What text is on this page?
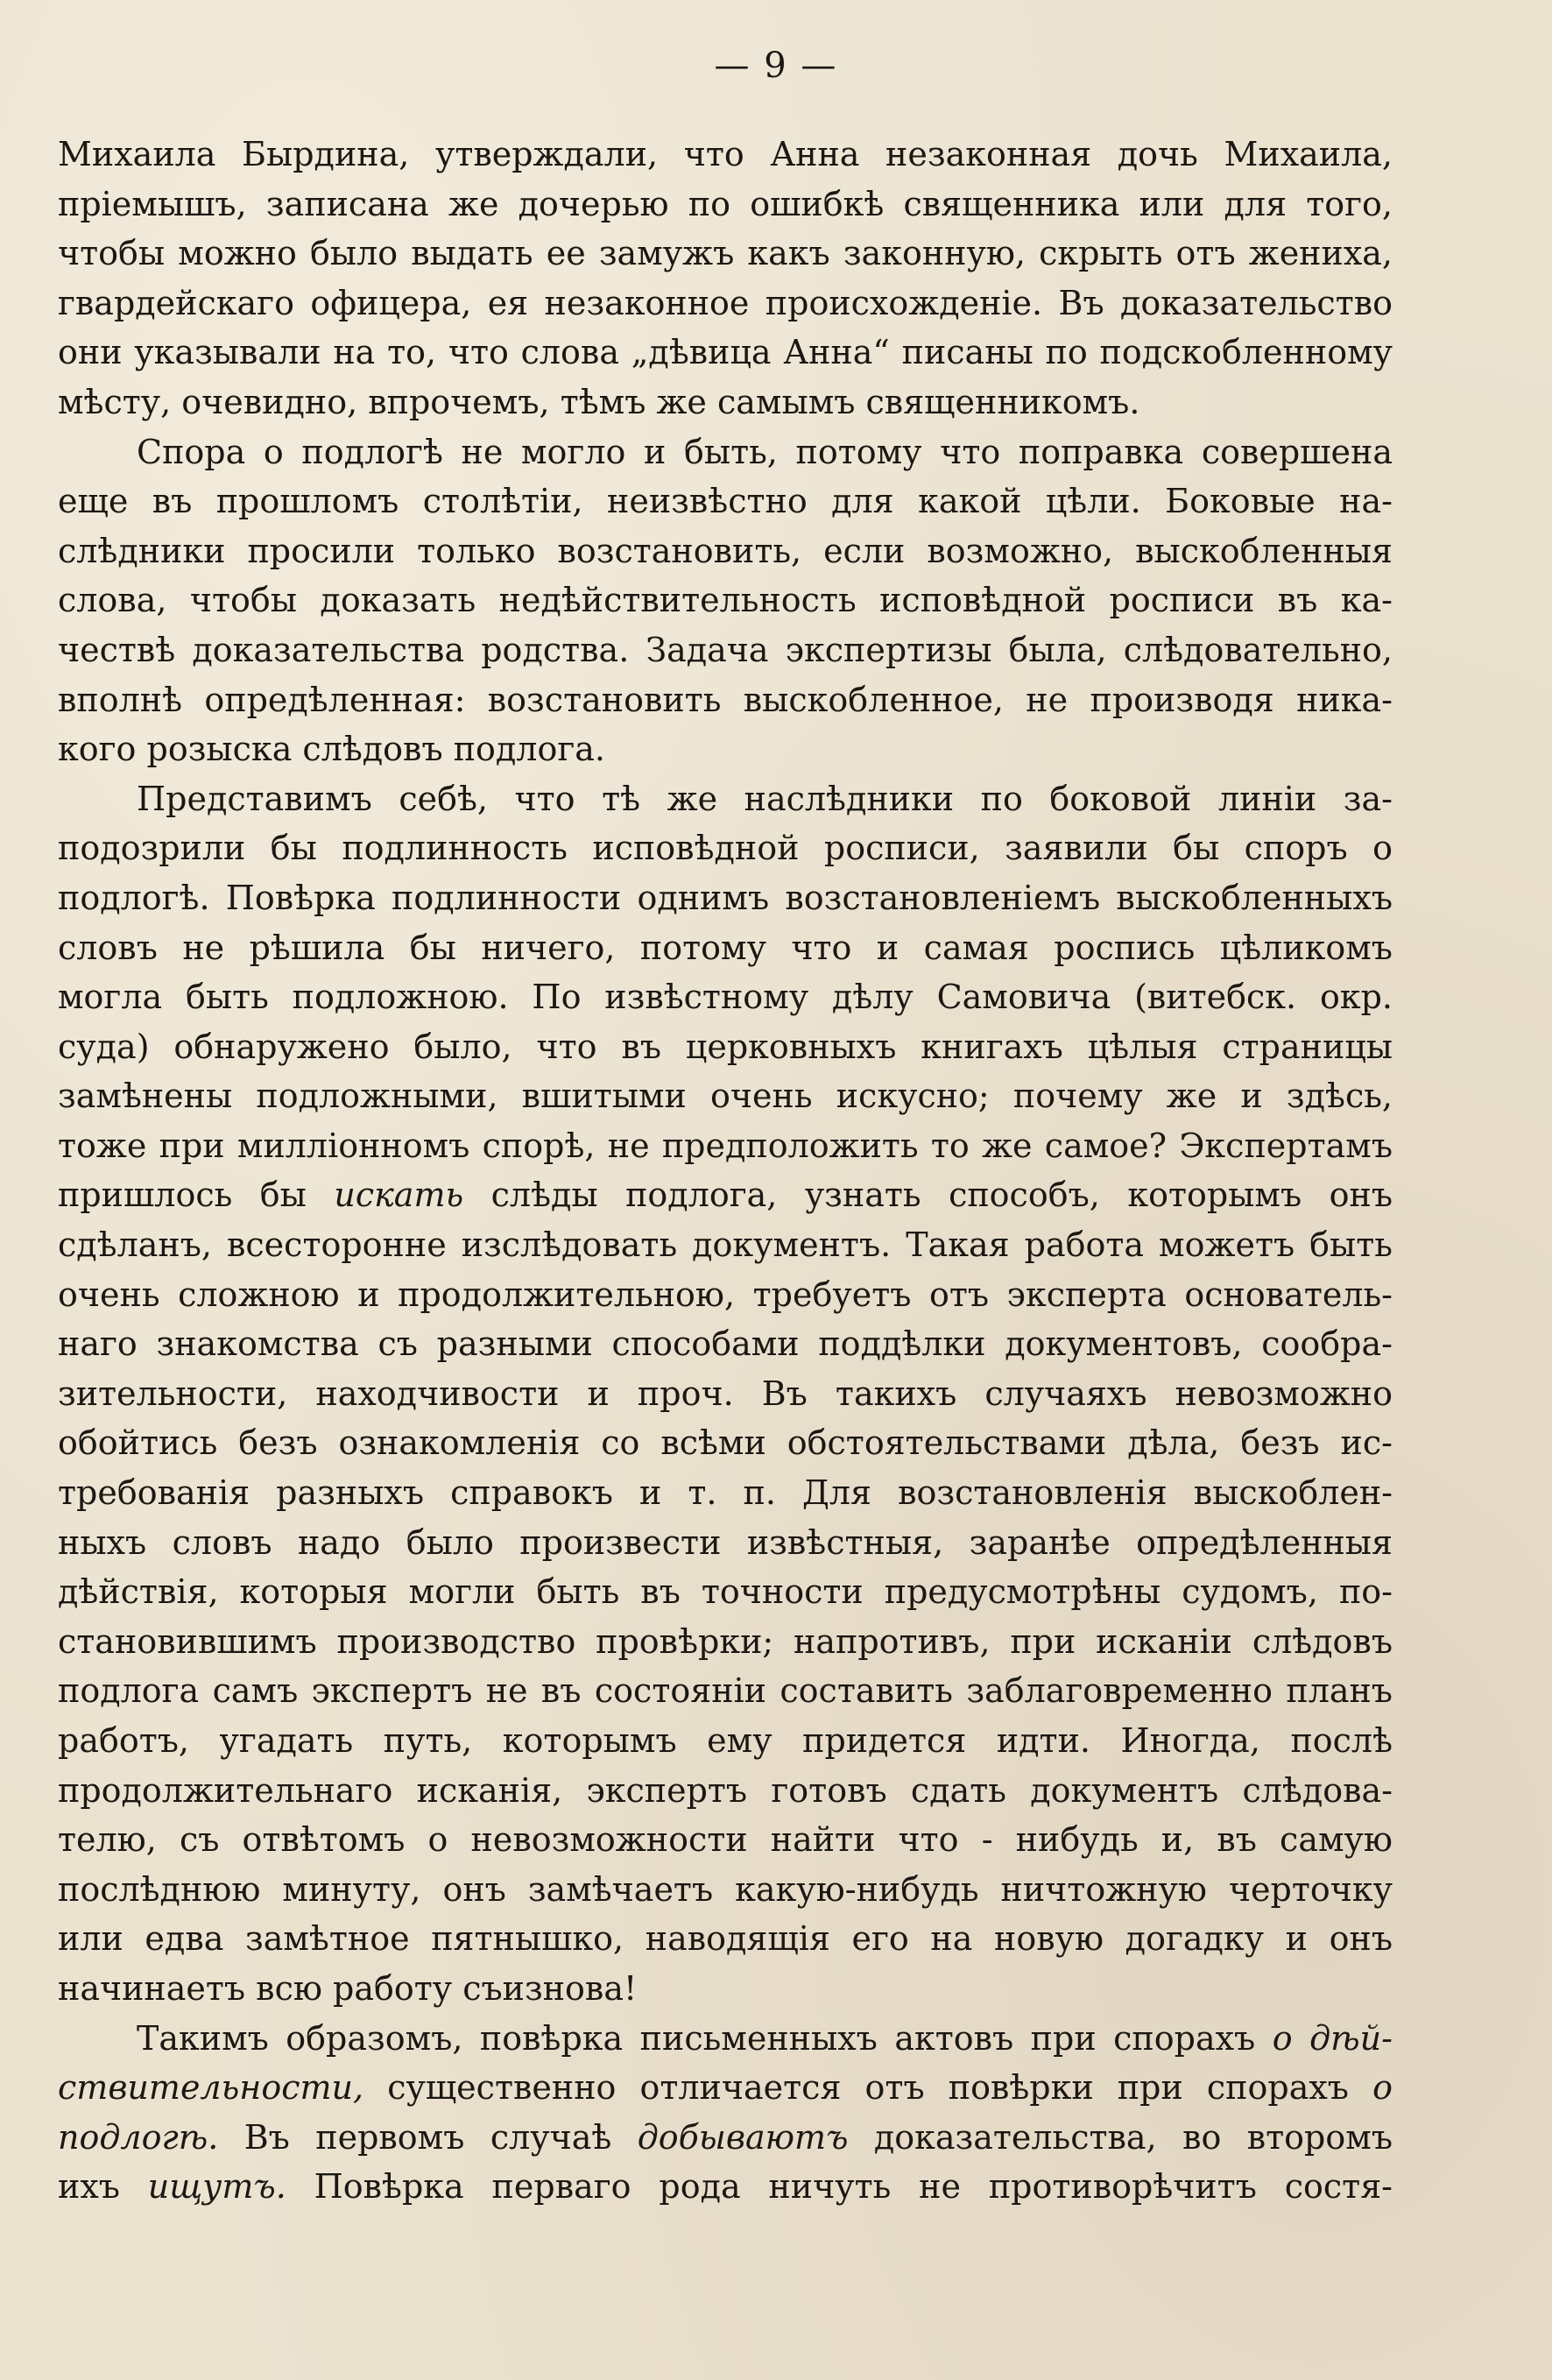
— 9 —
Михаила Бырдина, утверждали, что Анна незаконная дочь Михаила,
пріемышъ, записана же дочерью по ошибкѣ священника или для того,
чтобы можно было выдать ее замужъ какъ законную, скрыть отъ жениха,
гвардейскаго офицера, ея незаконное происхожденіе. Въ доказательство
они указывали на то, что слова „дѣвица Анна“ писаны по подскобленному
мѣсту, очевидно, впрочемъ, тѣмъ же самымъ священникомъ.
Спора о подлогѣ не могло и быть, потому что поправка совершена
еще въ прошломъ столѣтіи, неизвѣстно для какой цѣли. Боковые на-
слѣдники просили только возстановить, если возможно, выскобленныя
слова, чтобы доказать недѣйствительность исповѣдной росписи въ ка-
чествѣ доказательства родства. Задача экспертизы была, слѣдовательно,
вполнѣ опредѣленная: возстановить выскобленное, не производя ника-
кого розыска слѣдовъ подлога.
Представимъ себѣ, что тѣ же наслѣдники по боковой линіи за-
подозрили бы подлинность исповѣдной росписи, заявили бы споръ о
подлогѣ. Повѣрка подлинности однимъ возстановленіемъ выскобленныхъ
словъ не рѣшила бы ничего, потому что и самая роспись цѣликомъ
могла быть подложною. По извѣстному дѣлу Самовича (витебск. окр.
суда) обнаружено было, что въ церковныхъ книгахъ цѣлыя страницы
замѣнены подложными, вшитыми очень искусно; почему же и здѣсь,
тоже при милліонномъ спорѣ, не предположить то же самое? Экспертамъ
пришлось бы искать слѣды подлога, узнать способъ, которымъ онъ
сдѣланъ, всесторонне изслѣдовать документъ. Такая работа можетъ быть
очень сложною и продолжительною, требуетъ отъ эксперта основатель-
наго знакомства съ разными способами поддѣлки документовъ, сообра-
зительности, находчивости и проч. Въ такихъ случаяхъ невозможно
обойтись безъ ознакомленія со всѣми обстоятельствами дѣла, безъ ис-
требованія разныхъ справокъ и т. п. Для возстановленія выскоблен-
ныхъ словъ надо было произвести извѣстныя, заранѣе опредѣленныя
дѣйствія, которыя могли быть въ точности предусмотрѣны судомъ, по-
становившимъ производство провѣрки; напротивъ, при исканіи слѣдовъ
подлога самъ экспертъ не въ состояніи составить заблаговременно планъ
работъ, угадать путь, которымъ ему придется идти. Иногда, послѣ
продолжительнаго исканія, экспертъ готовъ сдать документъ слѣдова-
телю, съ отвѣтомъ о невозможности найти что - нибудь и, въ самую
послѣднюю минуту, онъ замѣчаетъ какую-нибудь ничтожную черточку
или едва замѣтное пятнышко, наводящія его на новую догадку и онъ
начинаетъ всю работу съизнова!
Такимъ образомъ, повѣрка письменныхъ актовъ при спорахъ о дѣй-
ствительности, существенно отличается отъ повѣрки при спорахъ о
подлогѣ. Въ первомъ случаѣ добываютъ доказательства, во второмъ
ихъ ищутъ. Повѣрка перваго рода ничуть не противорѣчитъ состя-
